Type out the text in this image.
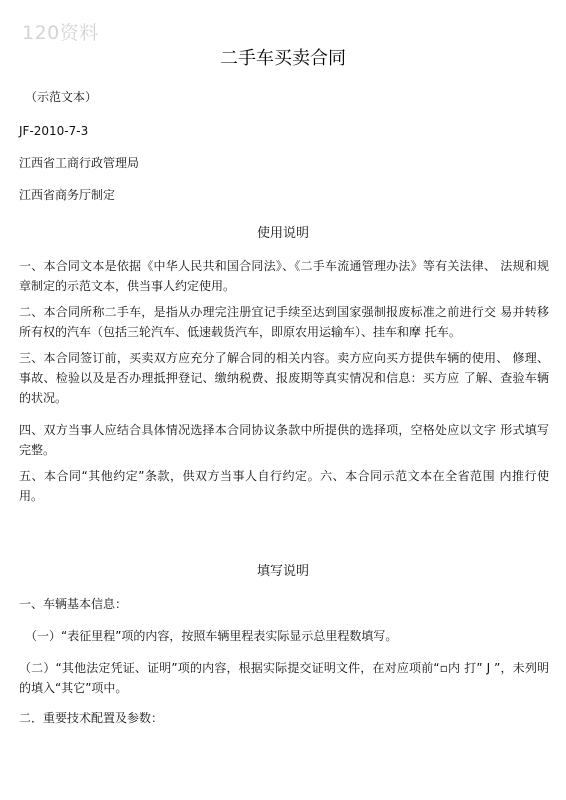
120资料
二手车买卖合同
（示范文本）
JF-2010-7-3
江西省工商行政管理局
江西省商务厅制定
使用说明
一、本合同文本是依据《中华人民共和国合同法》、《二手车流通管理办法》等有关法律、 法规和规章制定的示范文本，供当事人约定使用。
二、本合同所称二手车，是指从办理完注册宜记手续至达到国家强制报废标准之前进行交 易并转移所有权的汽车（包括三轮汽车、低速载货汽车，即原农用运输车）、挂车和摩 托车。
三、本合同签订前，买卖双方应充分了解合同的相关内容。卖方应向买方提供车辆的使用、 修理、事故、检验以及是否办理抵押登记、缴纳税费、报废期等真实情况和信息：买方应 了解、查验车辆的状况。
四、双方当事人应结合具体情况选择本合同协议条款中所提供的选择项，空格处应以文字 形式填写完整。
五、本合同“其他约定”条款，供双方当事人自行约定。六、本合同示范文本在全省范围 内推行使用。
填写说明
一、车辆基本信息：
（一）“表征里程”项的内容，按照车辆里程表实际显示总里程数填写。
（二）“其他法定凭证、证明”项的内容，根据实际提交证明文件，在对应项前“▫内 打” J ”，未列明的填入“其它”项中。
二．重要技术配置及参数：
